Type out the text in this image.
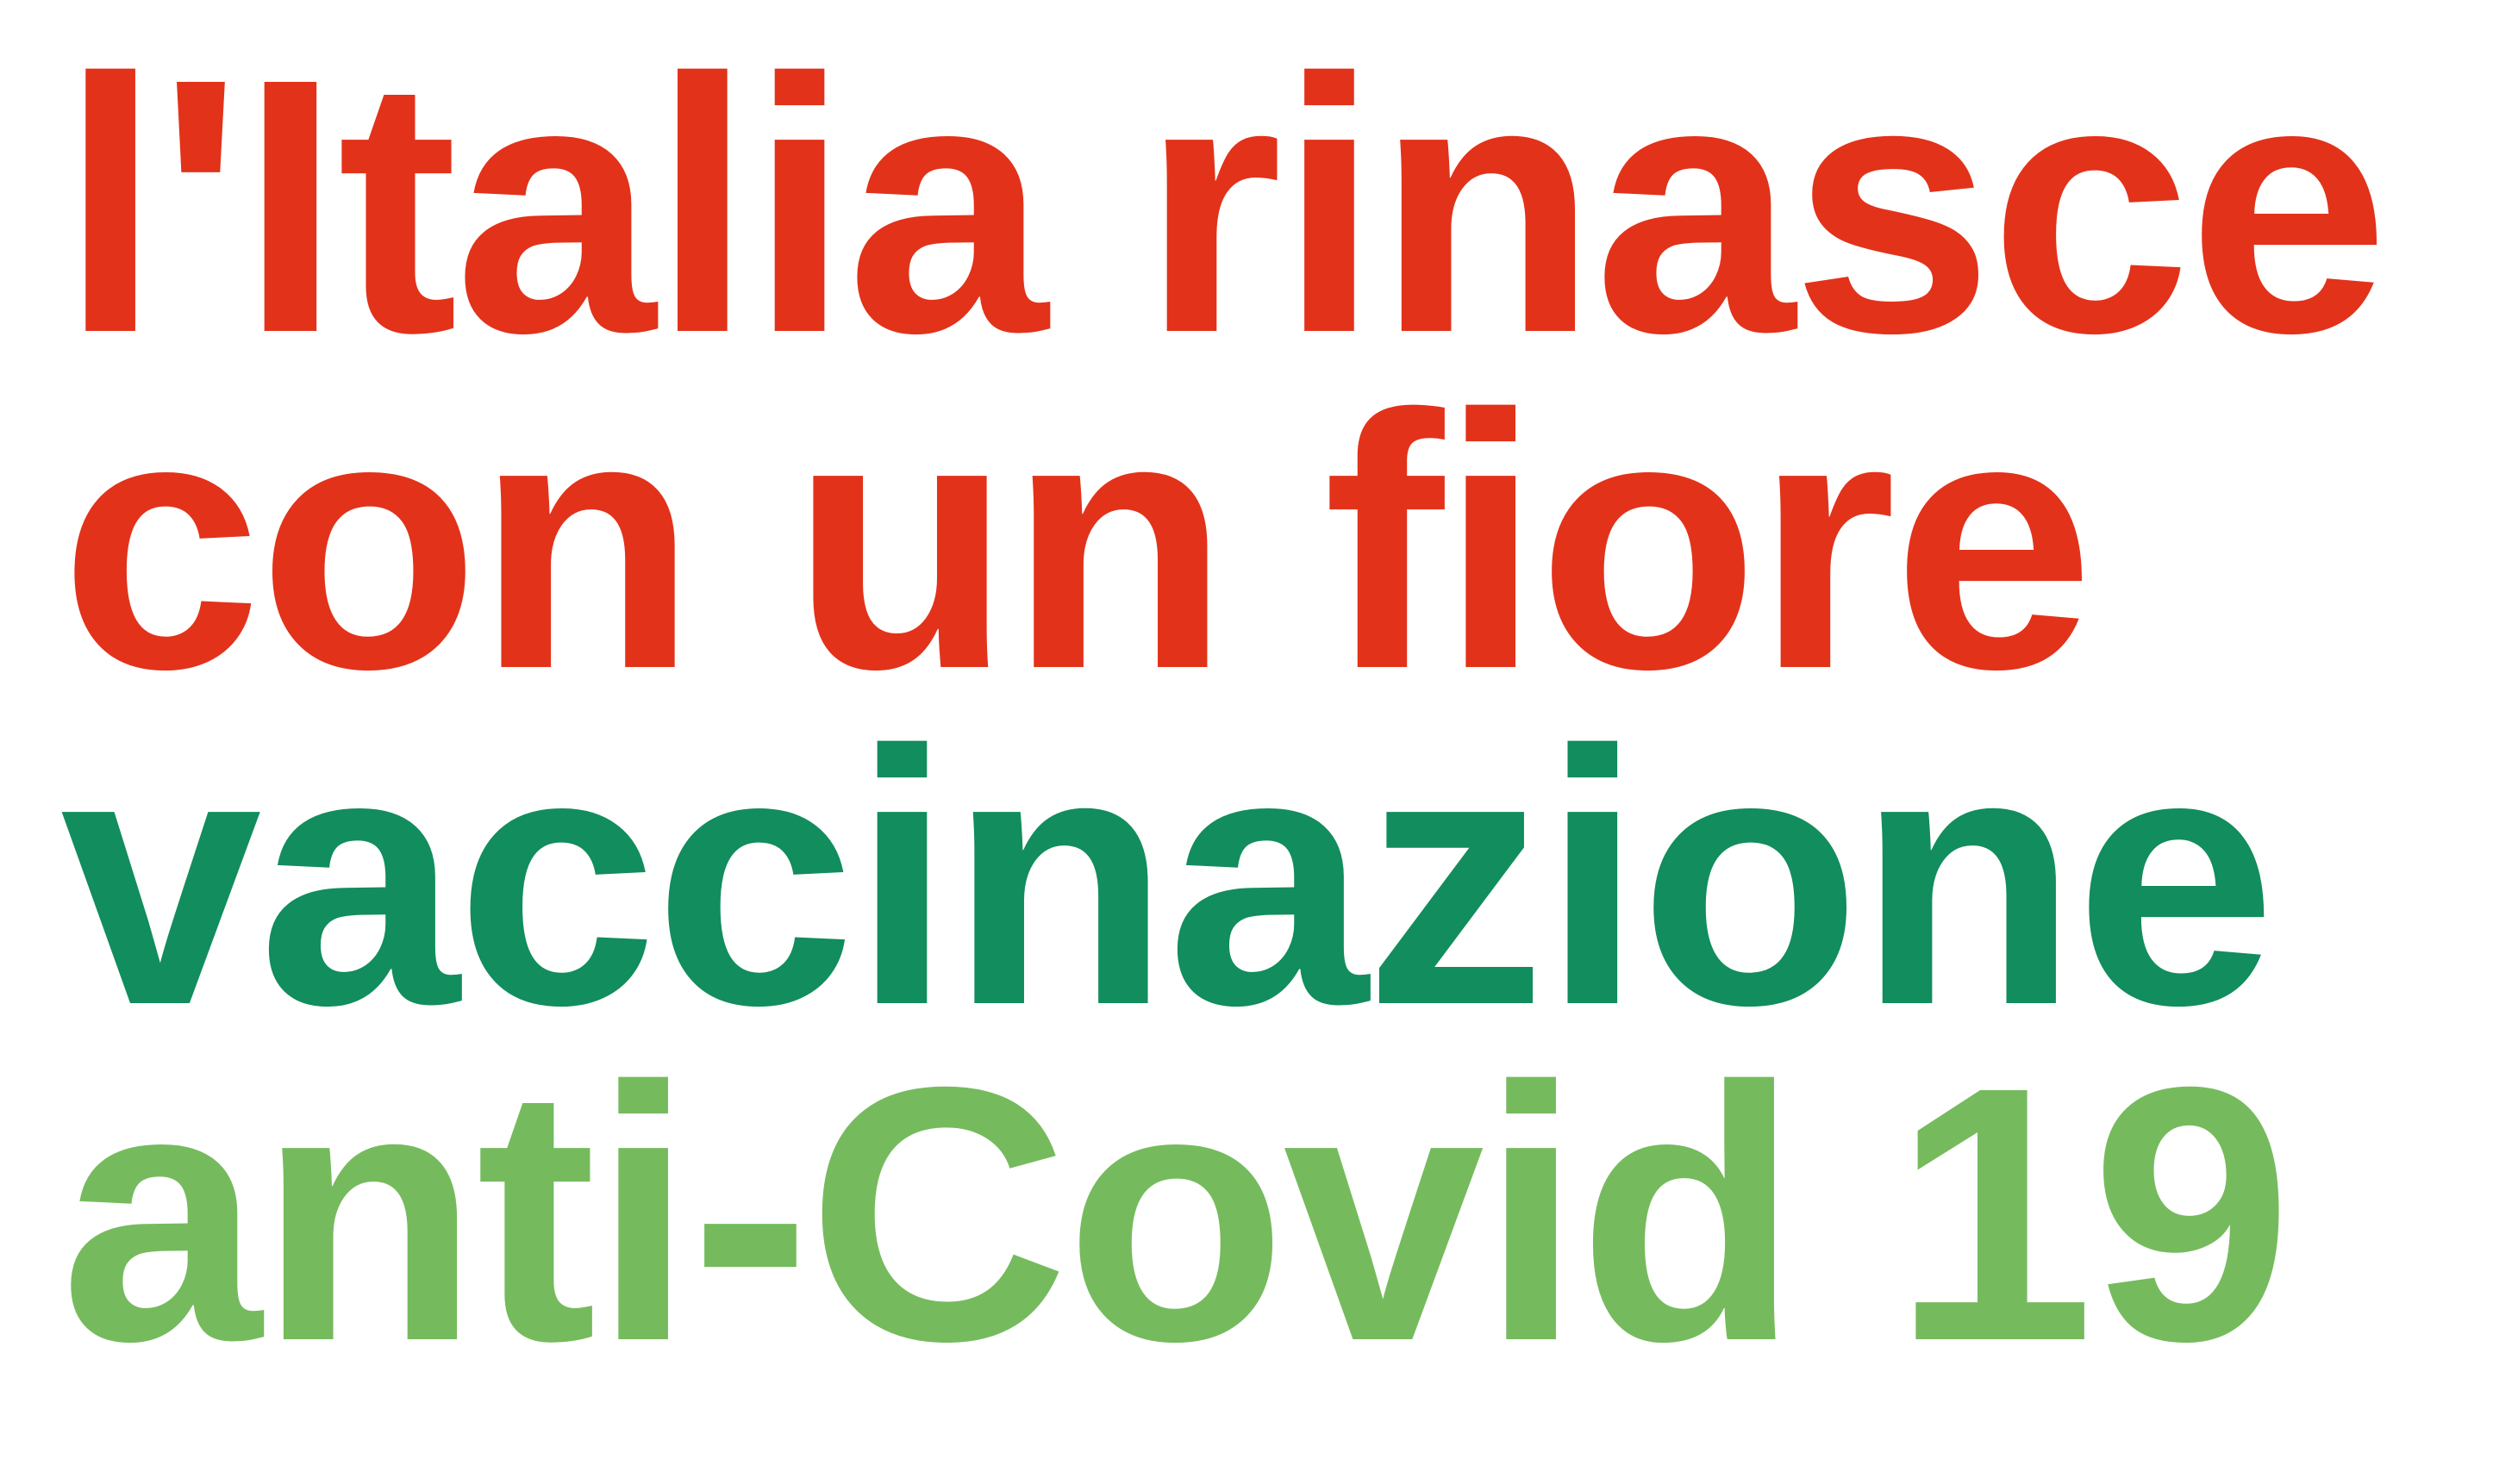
l'Italia rinasce
con un fiore
vaccinazione
anti-Covid 19
